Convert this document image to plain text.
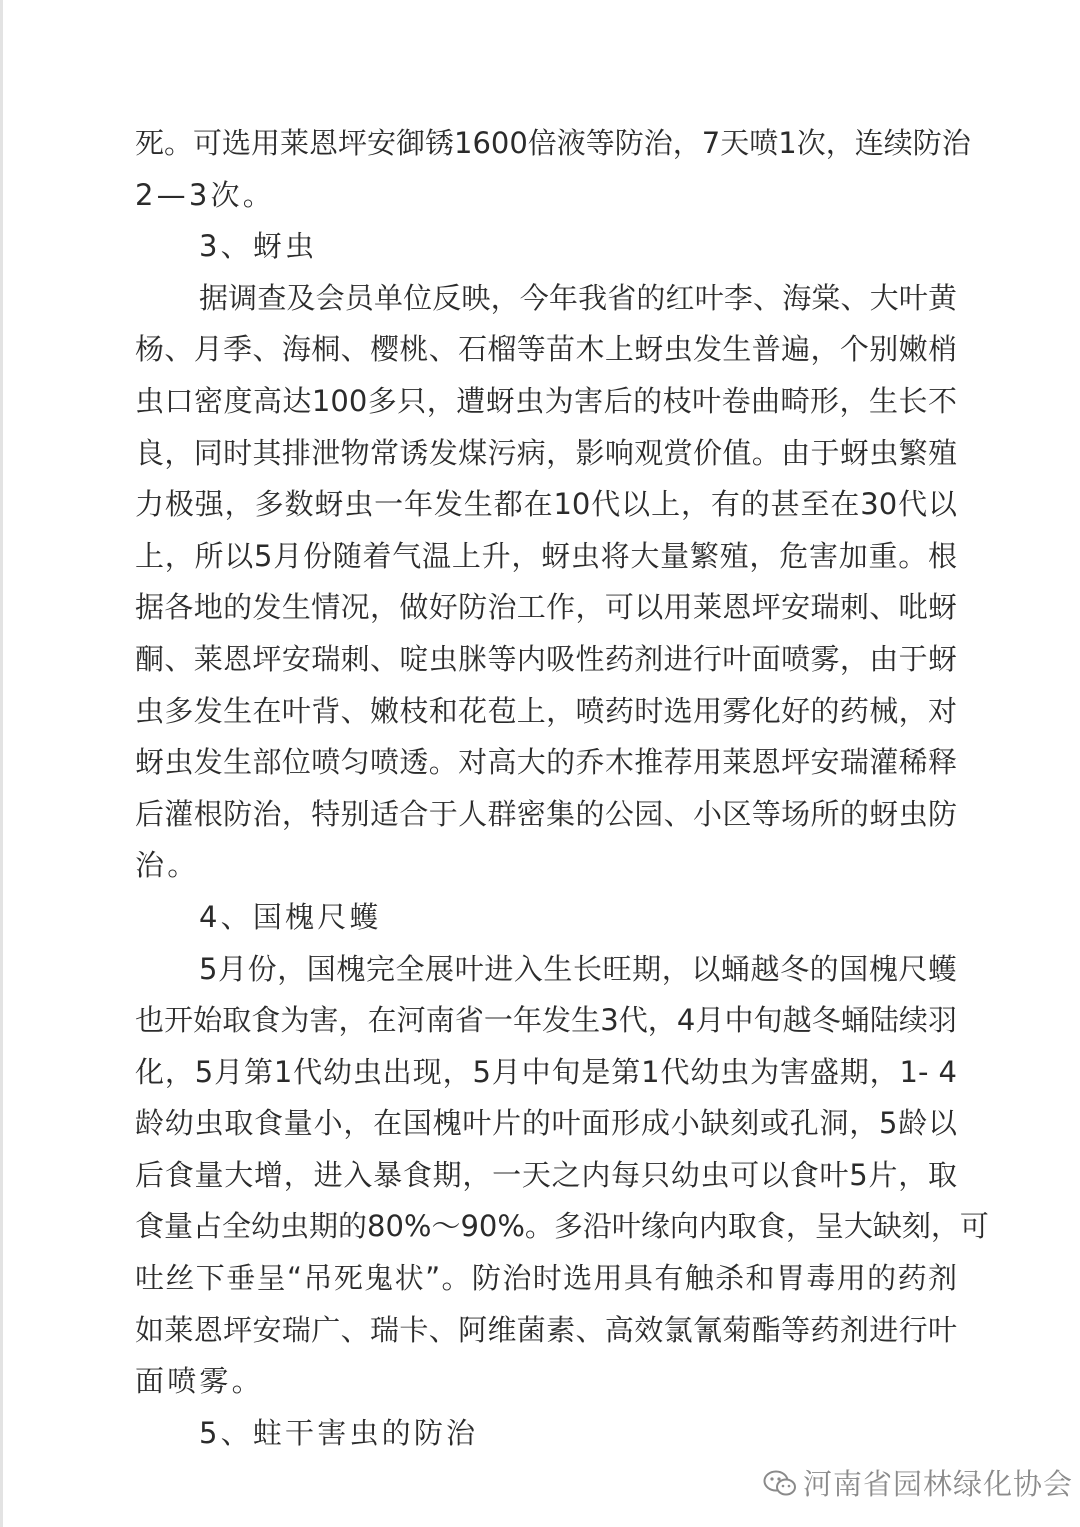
死。可选用莱恩坪安御锈1600倍液等防治，7天喷1次，连续防治
2—3次。
3、蚜虫
据调查及会员单位反映，今年我省的红叶李、海棠、大叶黄
杨、月季、海桐、樱桃、石榴等苗木上蚜虫发生普遍，个别嫩梢
虫口密度高达100多只，遭蚜虫为害后的枝叶卷曲畸形，生长不
良，同时其排泄物常诱发煤污病，影响观赏价值。由于蚜虫繁殖
力极强，多数蚜虫一年发生都在10代以上，有的甚至在30代以
上，所以5月份随着气温上升，蚜虫将大量繁殖，危害加重。根
据各地的发生情况，做好防治工作，可以用莱恩坪安瑞刺、吡蚜
酮、莱恩坪安瑞刺、啶虫脒等内吸性药剂进行叶面喷雾，由于蚜
虫多发生在叶背、嫩枝和花苞上，喷药时选用雾化好的药械，对
蚜虫发生部位喷匀喷透。对高大的乔木推荐用莱恩坪安瑞灌稀释
后灌根防治，特别适合于人群密集的公园、小区等场所的蚜虫防
治。
4、国槐尺蠖
5月份，国槐完全展叶进入生长旺期，以蛹越冬的国槐尺蠖
也开始取食为害，在河南省一年发生3代，4月中旬越冬蛹陆续羽
化，5月第1代幼虫出现，5月中旬是第1代幼虫为害盛期，1- 4
龄幼虫取食量小，在国槐叶片的叶面形成小缺刻或孔洞，5龄以
后食量大增，进入暴食期，一天之内每只幼虫可以食叶5片，取
食量占全幼虫期的80%～90%。多沿叶缘向内取食，呈大缺刻，可
吐丝下垂呈“吊死鬼状”。防治时选用具有触杀和胃毒用的药剂
如莱恩坪安瑞广、瑞卡、阿维菌素、高效氯氰菊酯等药剂进行叶
面喷雾。
5、蛀干害虫的防治
河南省园林绿化协会
